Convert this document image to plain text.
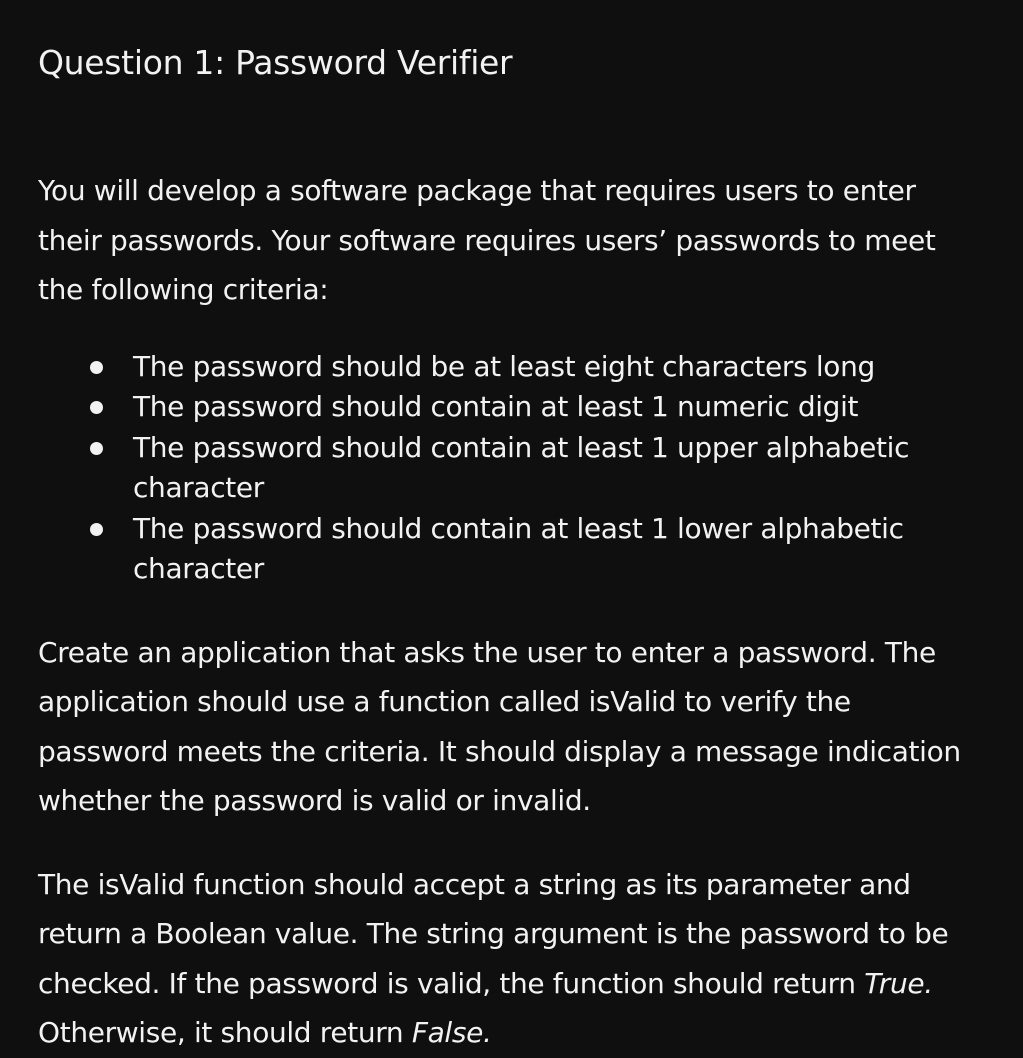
Question 1: Password Verifier

You will develop a software package that requires users to enter their passwords. Your software requires users’ passwords to meet the following criteria:

The password should be at least eight characters long
The password should contain at least 1 numeric digit
The password should contain at least 1 upper alphabetic character
The password should contain at least 1 lower alphabetic character

Create an application that asks the user to enter a password. The application should use a function called isValid to verify the password meets the criteria. It should display a message indication whether the password is valid or invalid.

The isValid function should accept a string as its parameter and return a Boolean value. The string argument is the password to be checked. If the password is valid, the function should return True. Otherwise, it should return False.
